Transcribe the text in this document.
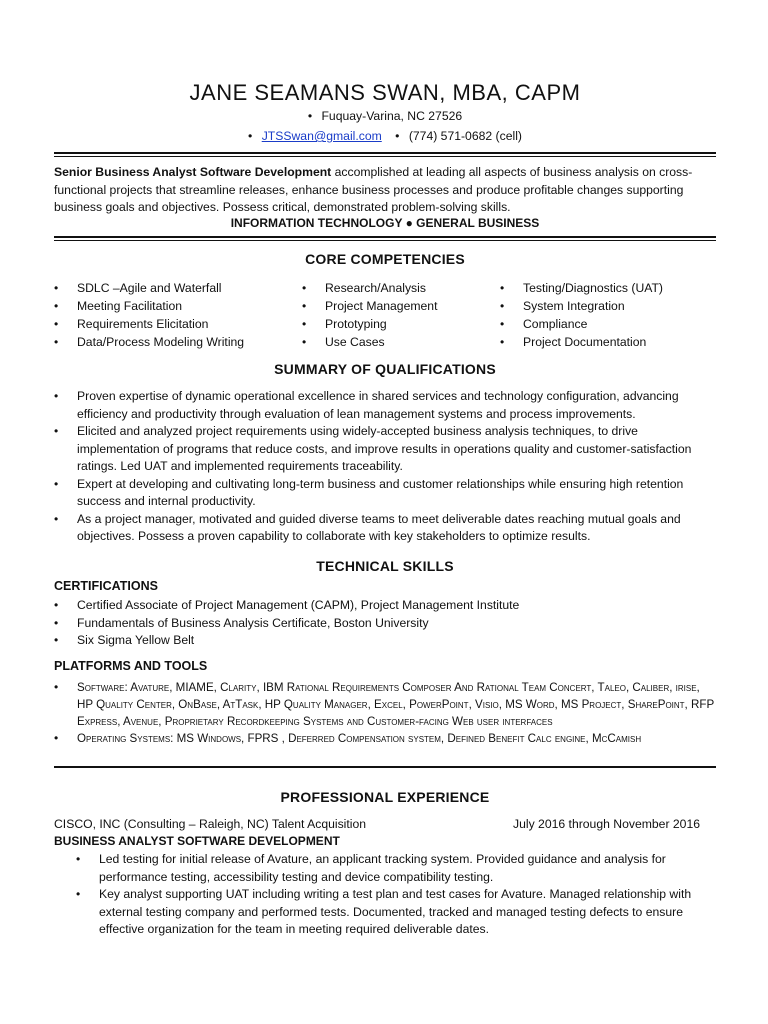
JANE SEAMANS SWAN, MBA, CAPM
• Fuquay-Varina, NC 27526
• JTSSwan@gmail.com • (774) 571-0682 (cell)
Senior Business Analyst Software Development accomplished at leading all aspects of business analysis on cross-functional projects that streamline releases, enhance business processes and produce profitable changes supporting business goals and objectives. Possess critical, demonstrated problem-solving skills.
INFORMATION TECHNOLOGY ● GENERAL BUSINESS
CORE COMPETENCIES
• SDLC –Agile and Waterfall
• Meeting Facilitation
• Requirements Elicitation
• Data/Process Modeling Writing
• Research/Analysis
• Project Management
• Prototyping
• Use Cases
• Testing/Diagnostics (UAT)
• System Integration
• Compliance
• Project Documentation
SUMMARY OF QUALIFICATIONS
• Proven expertise of dynamic operational excellence in shared services and technology configuration, advancing efficiency and productivity through evaluation of lean management systems and process improvements.
• Elicited and analyzed project requirements using widely-accepted business analysis techniques, to drive implementation of programs that reduce costs, and improve results in operations quality and customer-satisfaction ratings. Led UAT and implemented requirements traceability.
• Expert at developing and cultivating long-term business and customer relationships while ensuring high retention success and internal productivity.
• As a project manager, motivated and guided diverse teams to meet deliverable dates reaching mutual goals and objectives. Possess a proven capability to collaborate with key stakeholders to optimize results.
TECHNICAL SKILLS
CERTIFICATIONS
• Certified Associate of Project Management (CAPM), Project Management Institute
• Fundamentals of Business Analysis Certificate, Boston University
• Six Sigma Yellow Belt
PLATFORMS AND TOOLS
• Software: Avature, MIAME, Clarity, IBM Rational Requirements Composer And Rational Team Concert, Taleo, Caliber, irise, HP Quality Center, OnBase, AtTask, HP Quality Manager, Excel, PowerPoint, Visio, MS Word, MS Project, SharePoint, RFP Express, Avenue, Proprietary Recordkeeping Systems and Customer-facing Web user interfaces
• Operating Systems: MS Windows, FPRS , Deferred Compensation system, Defined Benefit Calc engine, McCamish
PROFESSIONAL EXPERIENCE
CISCO, INC (Consulting – Raleigh, NC) Talent Acquisition	July 2016 through November 2016
BUSINESS ANALYST SOFTWARE DEVELOPMENT
• Led testing for initial release of Avature, an applicant tracking system. Provided guidance and analysis for performance testing, accessibility testing and device compatibility testing.
• Key analyst supporting UAT including writing a test plan and test cases for Avature. Managed relationship with external testing company and performed tests. Documented, tracked and managed testing defects to ensure effective organization for the team in meeting required deliverable dates.
